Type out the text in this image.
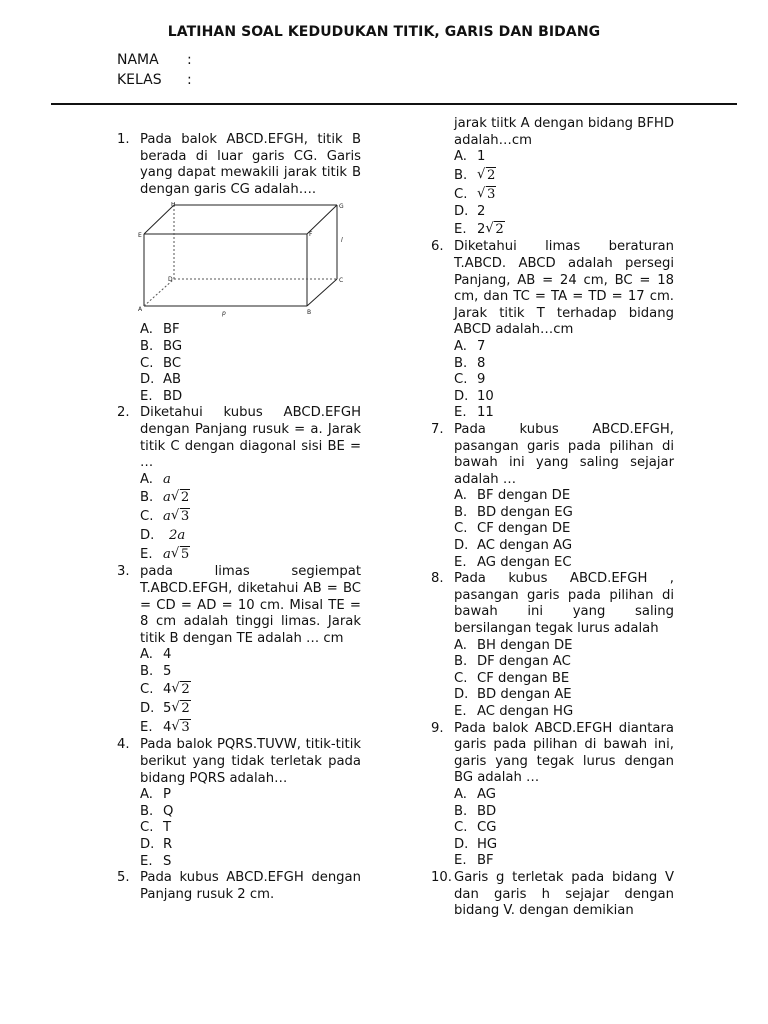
LATIHAN SOAL KEDUDUKAN TITIK, GARIS DAN BIDANG
NAMA :
KELAS :
1. Pada balok ABCD.EFGH, titik B berada di luar garis CG. Garis yang dapat mewakili jarak titik B dengan garis CG adalah….
H	G
E	F
D	C
A	B
p
l
A. BF
B. BG
C. BC
D. AB
E. BD
2. Diketahui kubus ABCD.EFGH dengan Panjang rusuk = a. Jarak titik C dengan diagonal sisi BE = …
A. a
B. a √ 2
C. a √ 3
D.	2a
E. a √ 5
3. pada limas segiempat T.ABCD.EFGH, diketahui AB = BC = CD = AD = 10 cm. Misal TE = 8 cm adalah tinggi limas. Jarak titik B dengan TE adalah … cm
A. 4
B. 5
C. 4 √ 2
D. 5 √ 2
E. 4 √ 3
4. Pada balok PQRS.TUVW, titik-titik berikut yang tidak terletak pada bidang PQRS adalah…
A. P
B. Q
C. T
D. R
E. S
5. Pada kubus ABCD.EFGH dengan Panjang rusuk 2 cm.
jarak tiitk A dengan bidang BFHD adalah…cm
A. 1
B.	√ 2
C.	√ 3
D. 2
E. 2 √ 2
6. Diketahui limas beraturan T.ABCD. ABCD adalah persegi Panjang, AB = 24 cm, BC = 18 cm, dan TC = TA = TD = 17 cm. Jarak titik T terhadap bidang ABCD adalah…cm
A. 7
B. 8
C. 9
D. 10
E. 11
7. Pada kubus ABCD.EFGH, pasangan garis pada pilihan di bawah ini yang saling sejajar adalah …
A. BF dengan DE
B. BD dengan EG
C. CF dengan DE
D. AC dengan AG
E. AG dengan EC
8. Pada kubus ABCD.EFGH , pasangan garis pada pilihan di bawah ini yang saling bersilangan tegak lurus adalah
A. BH dengan DE
B. DF dengan AC
C. CF dengan BE
D. BD dengan AE
E. AC dengan HG
9. Pada balok ABCD.EFGH diantara garis pada pilihan di bawah ini, garis yang tegak lurus dengan BG adalah …
A. AG
B. BD
C. CG
D. HG
E. BF
10. Garis g terletak pada bidang V dan garis h sejajar dengan bidang V. dengan demikian
